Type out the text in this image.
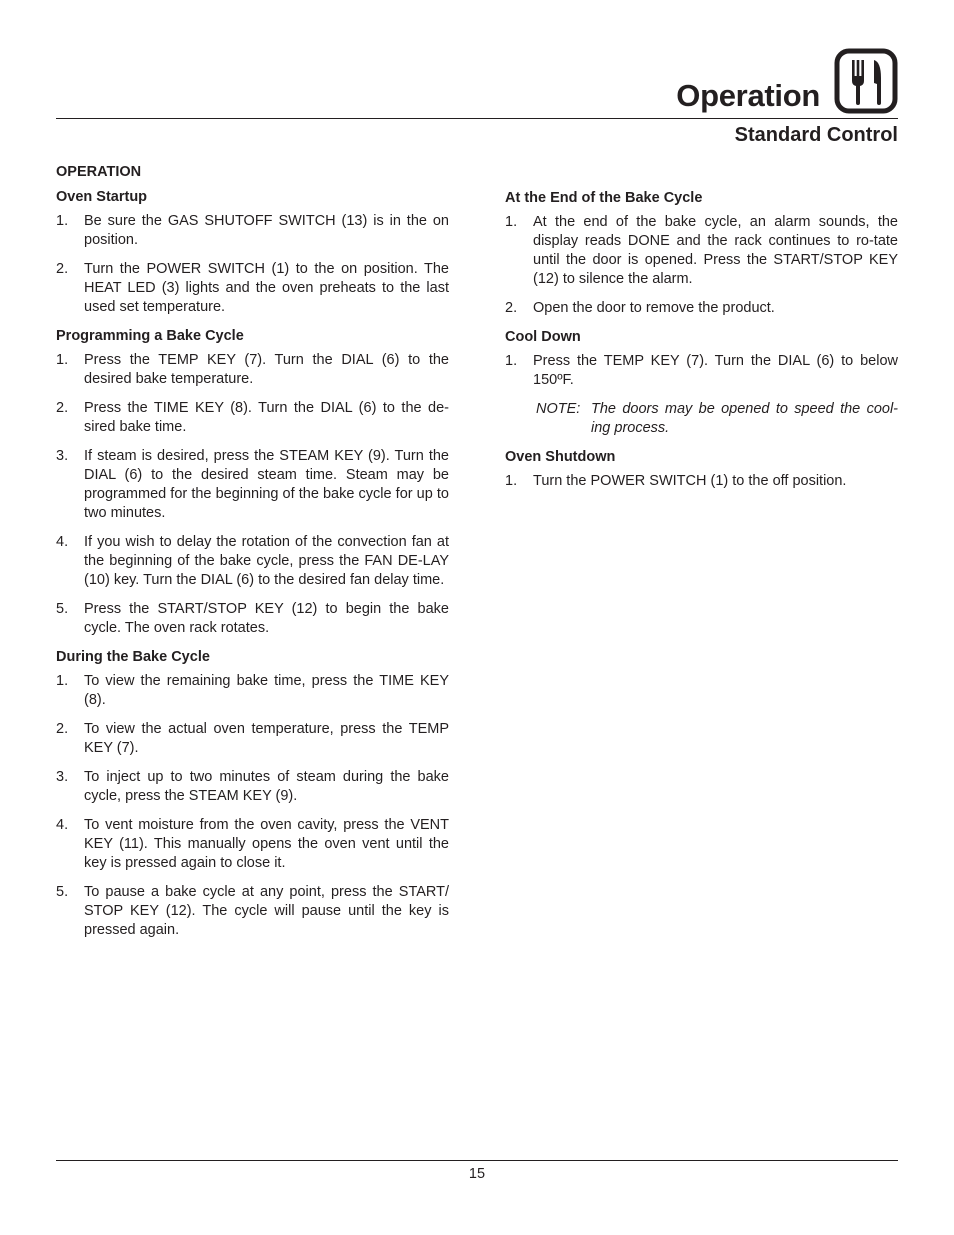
Operation
Standard Control
OPERATION
Oven Startup
1. Be sure the GAS SHUTOFF SWITCH (13) is in the on position.
2. Turn the POWER SWITCH (1) to the on position. The HEAT LED (3) lights and the oven preheats to the last used set temperature.
Programming a Bake Cycle
1. Press the TEMP KEY (7). Turn the DIAL (6) to the desired bake temperature.
2. Press the TIME KEY (8). Turn the DIAL (6) to the de-sired bake time.
3. If steam is desired, press the STEAM KEY (9). Turn the DIAL (6) to the desired steam time. Steam may be programmed for the beginning of the bake cycle for up to two minutes.
4. If you wish to delay the rotation of the convection fan at the beginning of the bake cycle, press the FAN DE-LAY (10) key. Turn the DIAL (6) to the desired fan delay time.
5. Press the START/STOP KEY (12) to begin the bake cycle. The oven rack rotates.
During the Bake Cycle
1. To view the remaining bake time, press the TIME KEY (8).
2. To view the actual oven temperature, press the TEMP KEY (7).
3. To inject up to two minutes of steam during the bake cycle, press the STEAM KEY (9).
4. To vent moisture from the oven cavity, press the VENT KEY (11). This manually opens the oven vent until the key is pressed again to close it.
5. To pause a bake cycle at any point, press the START/ STOP KEY (12). The cycle will pause until the key is pressed again.
At the End of the Bake Cycle
1. At the end of the bake cycle, an alarm sounds, the display reads DONE and the rack continues to ro-tate until the door is opened. Press the START/STOP KEY (12) to silence the alarm.
2. Open the door to remove the product.
Cool Down
1. Press the TEMP KEY (7). Turn the DIAL (6) to below 150ºF.
NOTE: The doors may be opened to speed the cool-ing process.
Oven Shutdown
1. Turn the POWER SWITCH (1) to the off position.
15
